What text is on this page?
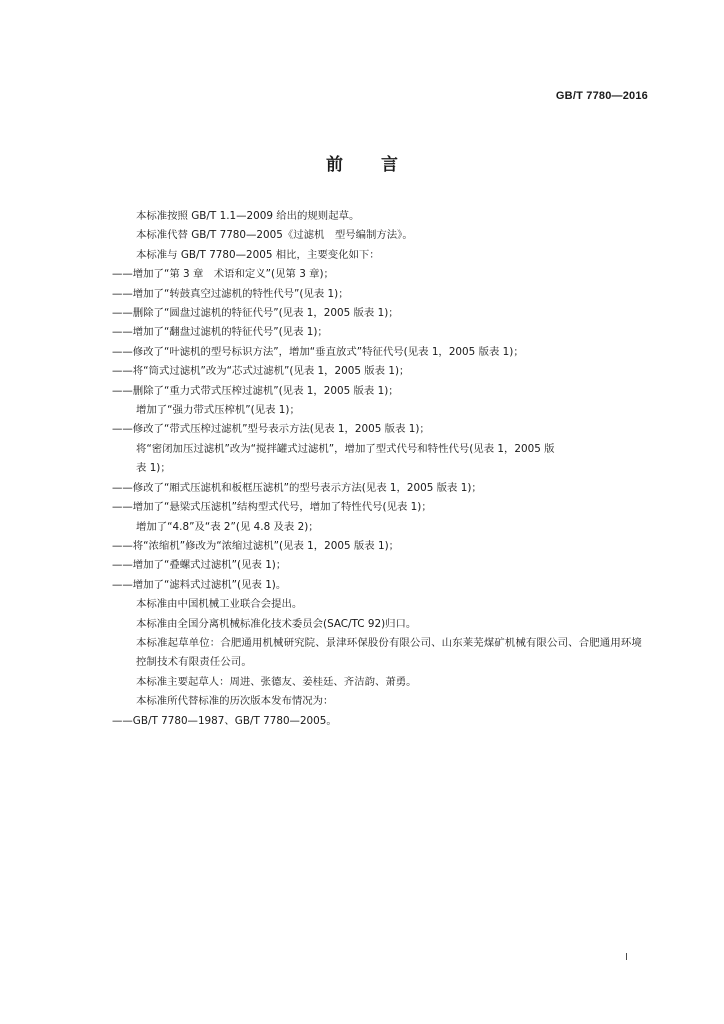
GB/T 7780—2016
前言
本标准按照 GB/T 1.1—2009 给出的规则起草。
本标准代替 GB/T 7780—2005《过滤机　型号编制方法》。
本标准与 GB/T 7780—2005 相比，主要变化如下：
——增加了“第 3 章　术语和定义”(见第 3 章)；
——增加了“转鼓真空过滤机的特性代号”(见表 1)；
——删除了“圆盘过滤机的特征代号”(见表 1，2005 版表 1)；
——增加了“翻盘过滤机的特征代号”(见表 1)；
——修改了“叶滤机的型号标识方法”，增加“垂直放式”特征代号(见表 1，2005 版表 1)；
——将“筒式过滤机”改为“芯式过滤机”(见表 1，2005 版表 1)；
——删除了“重力式带式压榨过滤机”(见表 1，2005 版表 1)；
增加了“强力带式压榨机”(见表 1)；
——修改了“带式压榨过滤机”型号表示方法(见表 1，2005 版表 1)；
将“密闭加压过滤机”改为“搅拌罐式过滤机”，增加了型式代号和特性代号(见表 1，2005 版
表 1)；
——修改了“厢式压滤机和板框压滤机”的型号表示方法(见表 1，2005 版表 1)；
——增加了“悬梁式压滤机”结构型式代号，增加了特性代号(见表 1)；
增加了“4.8”及“表 2”(见 4.8 及表 2)；
——将“浓缩机”修改为“浓缩过滤机”(见表 1，2005 版表 1)；
——增加了“叠螺式过滤机”(见表 1)；
——增加了“滤料式过滤机”(见表 1)。
本标准由中国机械工业联合会提出。
本标准由全国分离机械标准化技术委员会(SAC/TC 92)归口。
本标准起草单位：合肥通用机械研究院、景津环保股份有限公司、山东莱芜煤矿机械有限公司、合肥通用环境控制技术有限责任公司。
本标准主要起草人：周进、张德友、姜桂廷、齐洁韵、萧勇。
本标准所代替标准的历次版本发布情况为：
——GB/T 7780—1987、GB/T 7780—2005。
I
